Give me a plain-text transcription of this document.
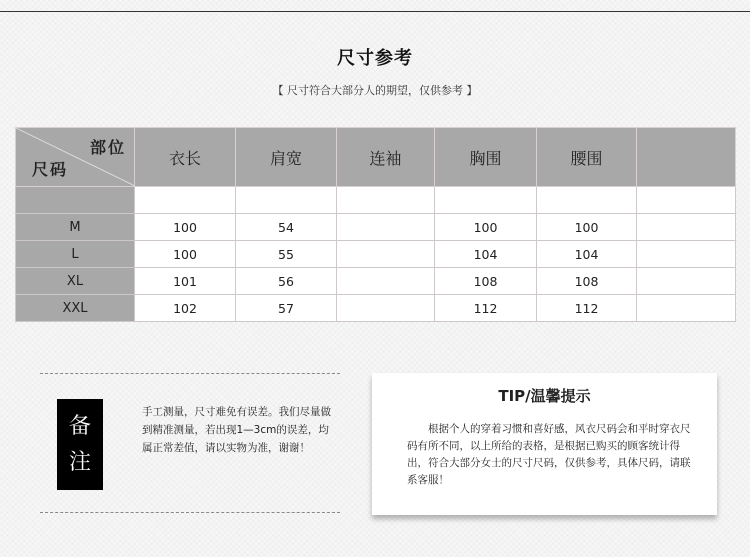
尺寸参考
【 尺寸符合大部分人的期望，仅供参考 】
部位
尺码	衣长	肩宽	连袖	胸围	腰围	

M	100	54		100	100	
L	100	55		104	104	
XL	101	56		108	108	
XXL	102	57		112	112	
备
注
手工测量，尺寸难免有误差。我们尽量做到精准测量，若出现1—3cm的误差，均属正常差值，请以实物为准，谢谢！
TIP/温馨提示
根据个人的穿着习惯和喜好感，风衣尺码会和平时穿衣尺码有所不同，以上所给的表格，是根据已购买的顾客统计得出，符合大部分女士的尺寸尺码，仅供参考，具体尺码，请联系客服！
